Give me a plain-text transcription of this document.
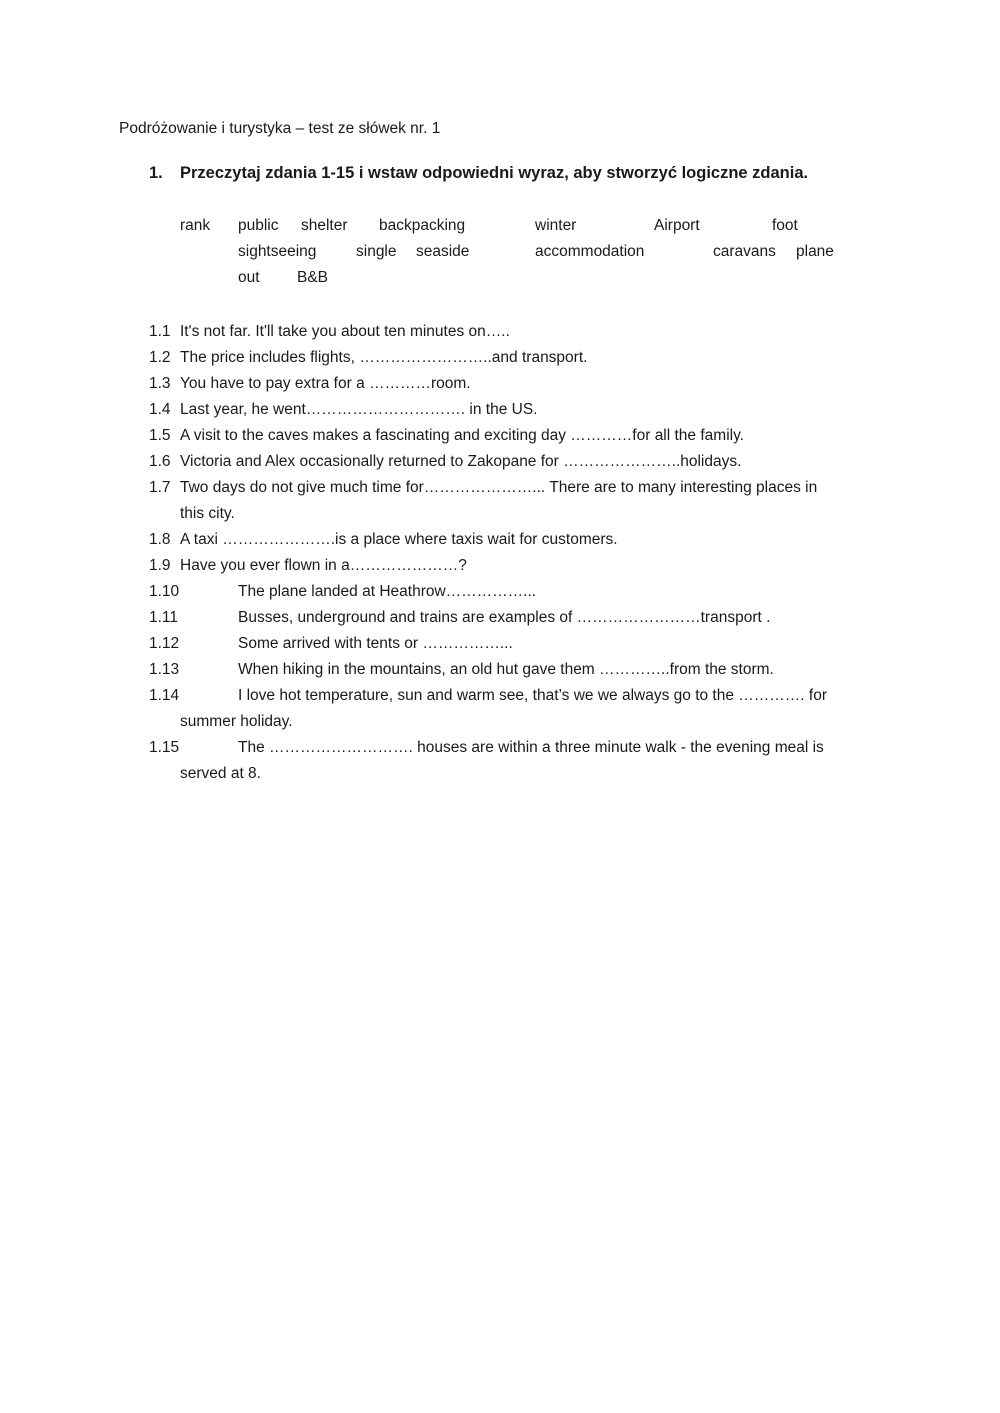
Podróżowanie i turystyka – test ze słówek nr. 1
1. Przeczytaj zdania 1-15 i wstaw odpowiedni wyraz, aby stworzyć logiczne zdania.
rank public shelter backpacking	winter	Airport	foot
sightseeing	single seaside	accommodation	caravans plane
out B&B
1.1 It's not far. It'll take you about ten minutes on…..
1.2 The price includes flights, ……………………..and transport.
1.3 You have to pay extra for a …………room.
1.4 Last year, he went…………………………. in the US.
1.5 A visit to the caves makes a fascinating and exciting day …………for all the family.
1.6 Victoria and Alex occasionally returned to Zakopane for …………………..holidays.
1.7 Two days do not give much time for…………………... There are to many interesting places in
this city.
1.8 A taxi ………………….is a place where taxis wait for customers.
1.9 Have you ever flown in a…………………?
1.10	The plane landed at Heathrow……………...
1.11	Busses, underground and trains are examples of ……………………transport .
1.12	Some arrived with tents or ……………...
1.13	When hiking in the mountains, an old hut gave them …………..from the storm.
1.14	I love hot temperature, sun and warm see, that’s we we always go to the …………. for
summer holiday.
1.15	The ………………………. houses are within a three minute walk - the evening meal is
served at 8.
